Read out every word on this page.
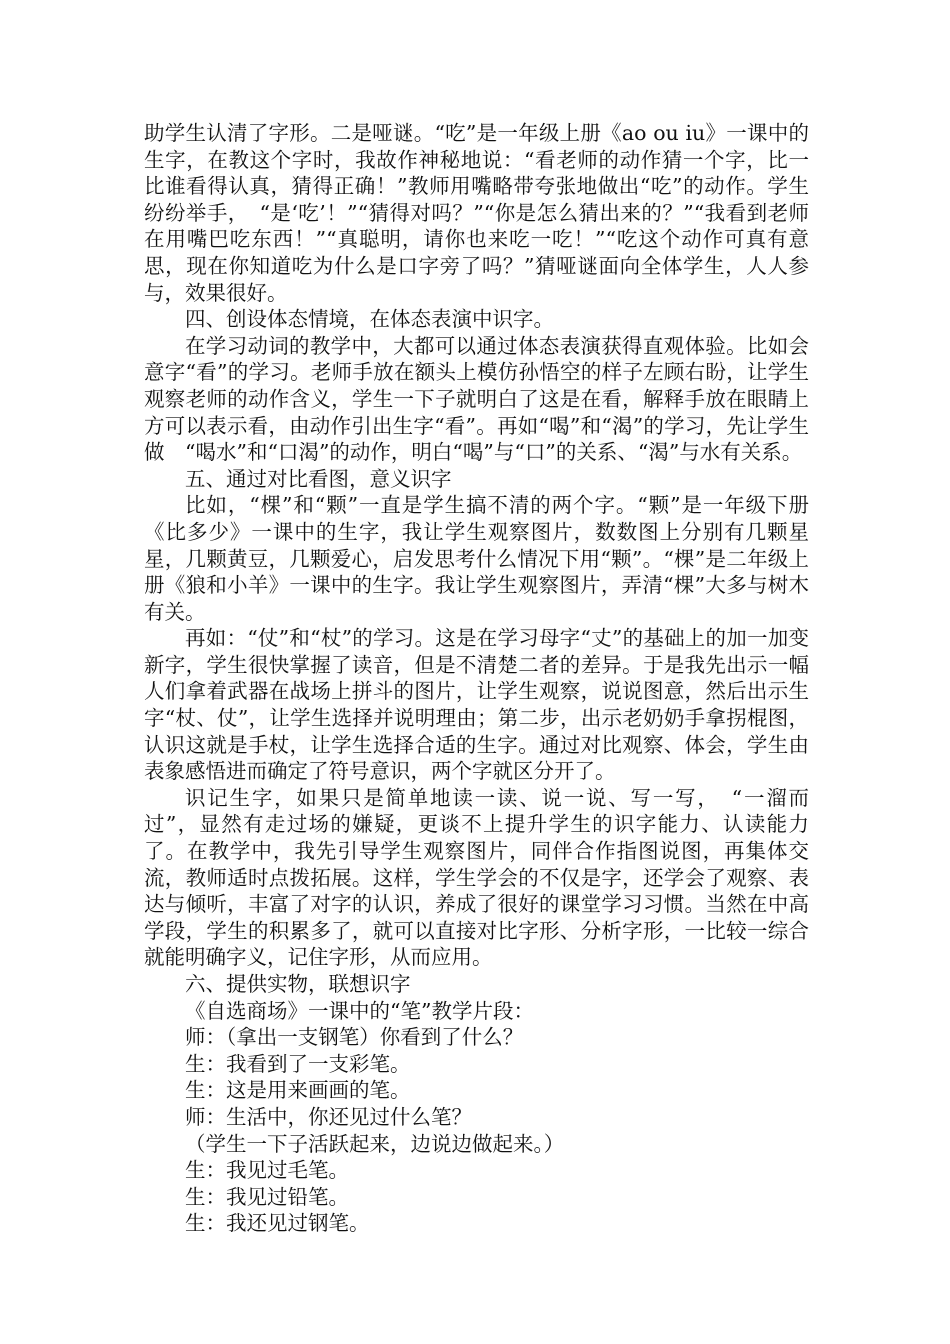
助学生认清了字形。二是哑谜。“吃”是一年级上册《ao ou iu》一课中的生字，在教这个字时，我故作神秘地说：“看老师的动作猜一个字，比一比谁看得认真，猜得正确！”教师用嘴略带夸张地做出“吃”的动作。学生纷纷举手，　“是‘吃’！”“猜得对吗？”“你是怎么猜出来的？”“我看到老师在用嘴巴吃东西！”“真聪明，请你也来吃一吃！”“吃这个动作可真有意思，现在你知道吃为什么是口字旁了吗？”猜哑谜面向全体学生，人人参与，效果很好。

四、创设体态情境，在体态表演中识字。

在学习动词的教学中，大都可以通过体态表演获得直观体验。比如会意字“看”的学习。老师手放在额头上模仿孙悟空的样子左顾右盼，让学生观察老师的动作含义，学生一下子就明白了这是在看，解释手放在眼睛上方可以表示看，由动作引出生字“看”。再如“喝”和“渴”的学习，先让学生做　“喝水”和“口渴”的动作，明白“喝”与“口”的关系、“渴”与水有关系。

五、通过对比看图，意义识字

比如，“棵”和“颗”一直是学生搞不清的两个字。“颗”是一年级下册《比多少》一课中的生字，我让学生观察图片，数数图上分别有几颗星星，几颗黄豆，几颗爱心，启发思考什么情况下用“颗”。“棵”是二年级上册《狼和小羊》一课中的生字。我让学生观察图片，弄清“棵”大多与树木有关。

再如：“仗”和“杖”的学习。这是在学习母字“丈”的基础上的加一加变新字，学生很快掌握了读音，但是不清楚二者的差异。于是我先出示一幅人们拿着武器在战场上拼斗的图片，让学生观察，说说图意，然后出示生字“杖、仗”，让学生选择并说明理由；第二步，出示老奶奶手拿拐棍图，认识这就是手杖，让学生选择合适的生字。通过对比观察、体会，学生由表象感悟进而确定了符号意识，两个字就区分开了。

识记生字，如果只是简单地读一读、说一说、写一写，　“一溜而过”，显然有走过场的嫌疑，更谈不上提升学生的识字能力、认读能力了。在教学中，我先引导学生观察图片，同伴合作指图说图，再集体交流，教师适时点拨拓展。这样，学生学会的不仅是字，还学会了观察、表达与倾听，丰富了对字的认识，养成了很好的课堂学习习惯。当然在中高学段，学生的积累多了，就可以直接对比字形、分析字形，一比较一综合就能明确字义，记住字形，从而应用。

六、提供实物，联想识字

《自选商场》一课中的“笔”教学片段：

师：（拿出一支钢笔）你看到了什么？

生：我看到了一支彩笔。

生：这是用来画画的笔。

师：生活中，你还见过什么笔？

（学生一下子活跃起来，边说边做起来。）

生：我见过毛笔。

生：我见过铅笔。

生：我还见过钢笔。
